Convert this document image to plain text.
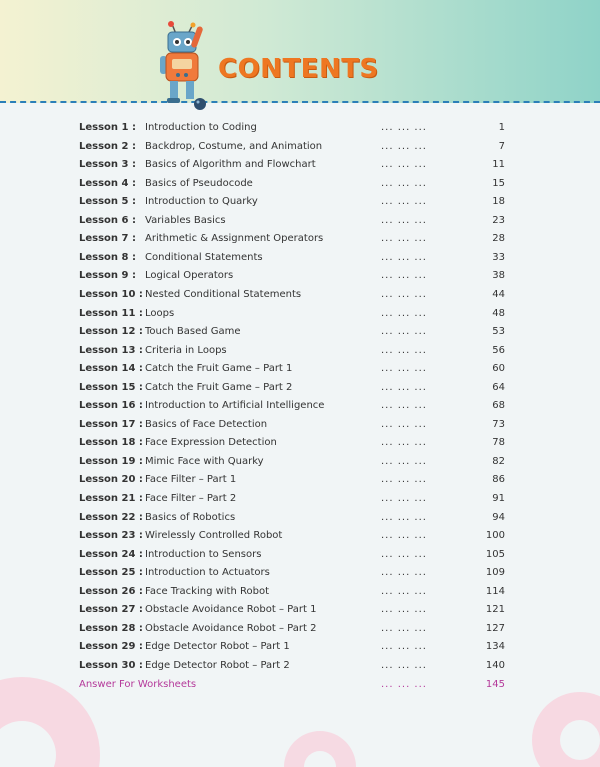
CONTENTS
Lesson 1 : Introduction to Coding	... ... ...	1
Lesson 2 : Backdrop, Costume, and Animation	... ... ...	7
Lesson 3 : Basics of Algorithm and Flowchart	... ... ...	11
Lesson 4 : Basics of Pseudocode	... ... ...	15
Lesson 5 : Introduction to Quarky	... ... ...	18
Lesson 6 : Variables Basics	... ... ...	23
Lesson 7 : Arithmetic & Assignment Operators	... ... ...	28
Lesson 8 : Conditional Statements	... ... ...	33
Lesson 9 : Logical Operators	... ... ...	38
Lesson 10 : Nested Conditional Statements	... ... ...	44
Lesson 11 : Loops	... ... ...	48
Lesson 12 : Touch Based Game	... ... ...	53
Lesson 13 : Criteria in Loops	... ... ...	56
Lesson 14 : Catch the Fruit Game – Part 1	... ... ...	60
Lesson 15 : Catch the Fruit Game – Part 2	... ... ...	64
Lesson 16 : Introduction to Artificial Intelligence	... ... ...	68
Lesson 17 : Basics of Face Detection	... ... ...	73
Lesson 18 : Face Expression Detection	... ... ...	78
Lesson 19 : Mimic Face with Quarky	... ... ...	82
Lesson 20 : Face Filter – Part 1	... ... ...	86
Lesson 21 : Face Filter – Part 2	... ... ...	91
Lesson 22 : Basics of Robotics	... ... ...	94
Lesson 23 : Wirelessly Controlled Robot	... ... ...	100
Lesson 24 : Introduction to Sensors	... ... ...	105
Lesson 25 : Introduction to Actuators	... ... ...	109
Lesson 26 : Face Tracking with Robot	... ... ...	114
Lesson 27 : Obstacle Avoidance Robot – Part 1	... ... ...	121
Lesson 28 : Obstacle Avoidance Robot – Part 2	... ... ...	127
Lesson 29 : Edge Detector Robot – Part 1	... ... ...	134
Lesson 30 : Edge Detector Robot – Part 2	... ... ...	140
Answer For Worksheets	... ... ...	145
